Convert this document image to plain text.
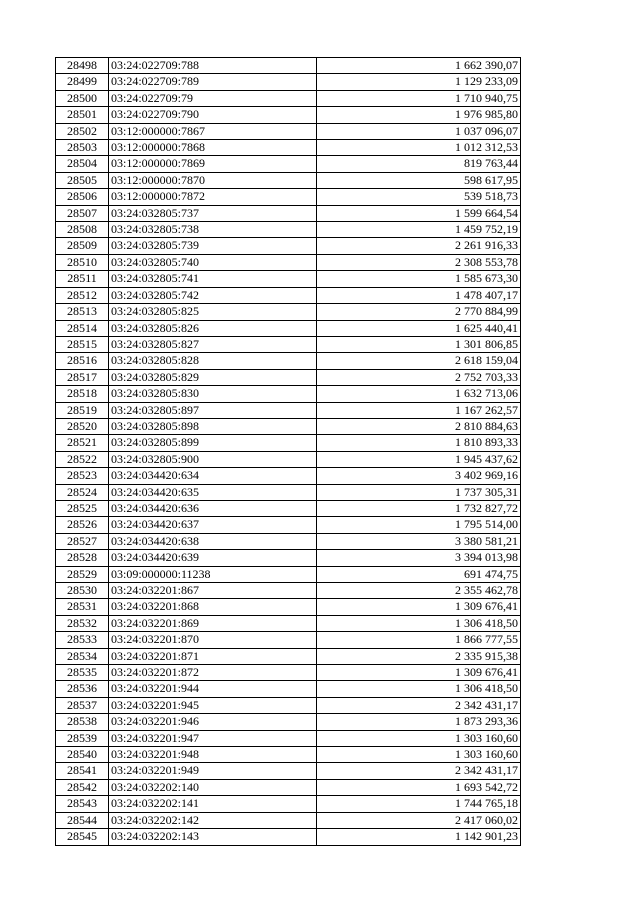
28498	03:24:022709:788	1 662 390,07
28499	03:24:022709:789	1 129 233,09
28500	03:24:022709:79	1 710 940,75
28501	03:24:022709:790	1 976 985,80
28502	03:12:000000:7867	1 037 096,07
28503	03:12:000000:7868	1 012 312,53
28504	03:12:000000:7869	819 763,44
28505	03:12:000000:7870	598 617,95
28506	03:12:000000:7872	539 518,73
28507	03:24:032805:737	1 599 664,54
28508	03:24:032805:738	1 459 752,19
28509	03:24:032805:739	2 261 916,33
28510	03:24:032805:740	2 308 553,78
28511	03:24:032805:741	1 585 673,30
28512	03:24:032805:742	1 478 407,17
28513	03:24:032805:825	2 770 884,99
28514	03:24:032805:826	1 625 440,41
28515	03:24:032805:827	1 301 806,85
28516	03:24:032805:828	2 618 159,04
28517	03:24:032805:829	2 752 703,33
28518	03:24:032805:830	1 632 713,06
28519	03:24:032805:897	1 167 262,57
28520	03:24:032805:898	2 810 884,63
28521	03:24:032805:899	1 810 893,33
28522	03:24:032805:900	1 945 437,62
28523	03:24:034420:634	3 402 969,16
28524	03:24:034420:635	1 737 305,31
28525	03:24:034420:636	1 732 827,72
28526	03:24:034420:637	1 795 514,00
28527	03:24:034420:638	3 380 581,21
28528	03:24:034420:639	3 394 013,98
28529	03:09:000000:11238	691 474,75
28530	03:24:032201:867	2 355 462,78
28531	03:24:032201:868	1 309 676,41
28532	03:24:032201:869	1 306 418,50
28533	03:24:032201:870	1 866 777,55
28534	03:24:032201:871	2 335 915,38
28535	03:24:032201:872	1 309 676,41
28536	03:24:032201:944	1 306 418,50
28537	03:24:032201:945	2 342 431,17
28538	03:24:032201:946	1 873 293,36
28539	03:24:032201:947	1 303 160,60
28540	03:24:032201:948	1 303 160,60
28541	03:24:032201:949	2 342 431,17
28542	03:24:032202:140	1 693 542,72
28543	03:24:032202:141	1 744 765,18
28544	03:24:032202:142	2 417 060,02
28545	03:24:032202:143	1 142 901,23
